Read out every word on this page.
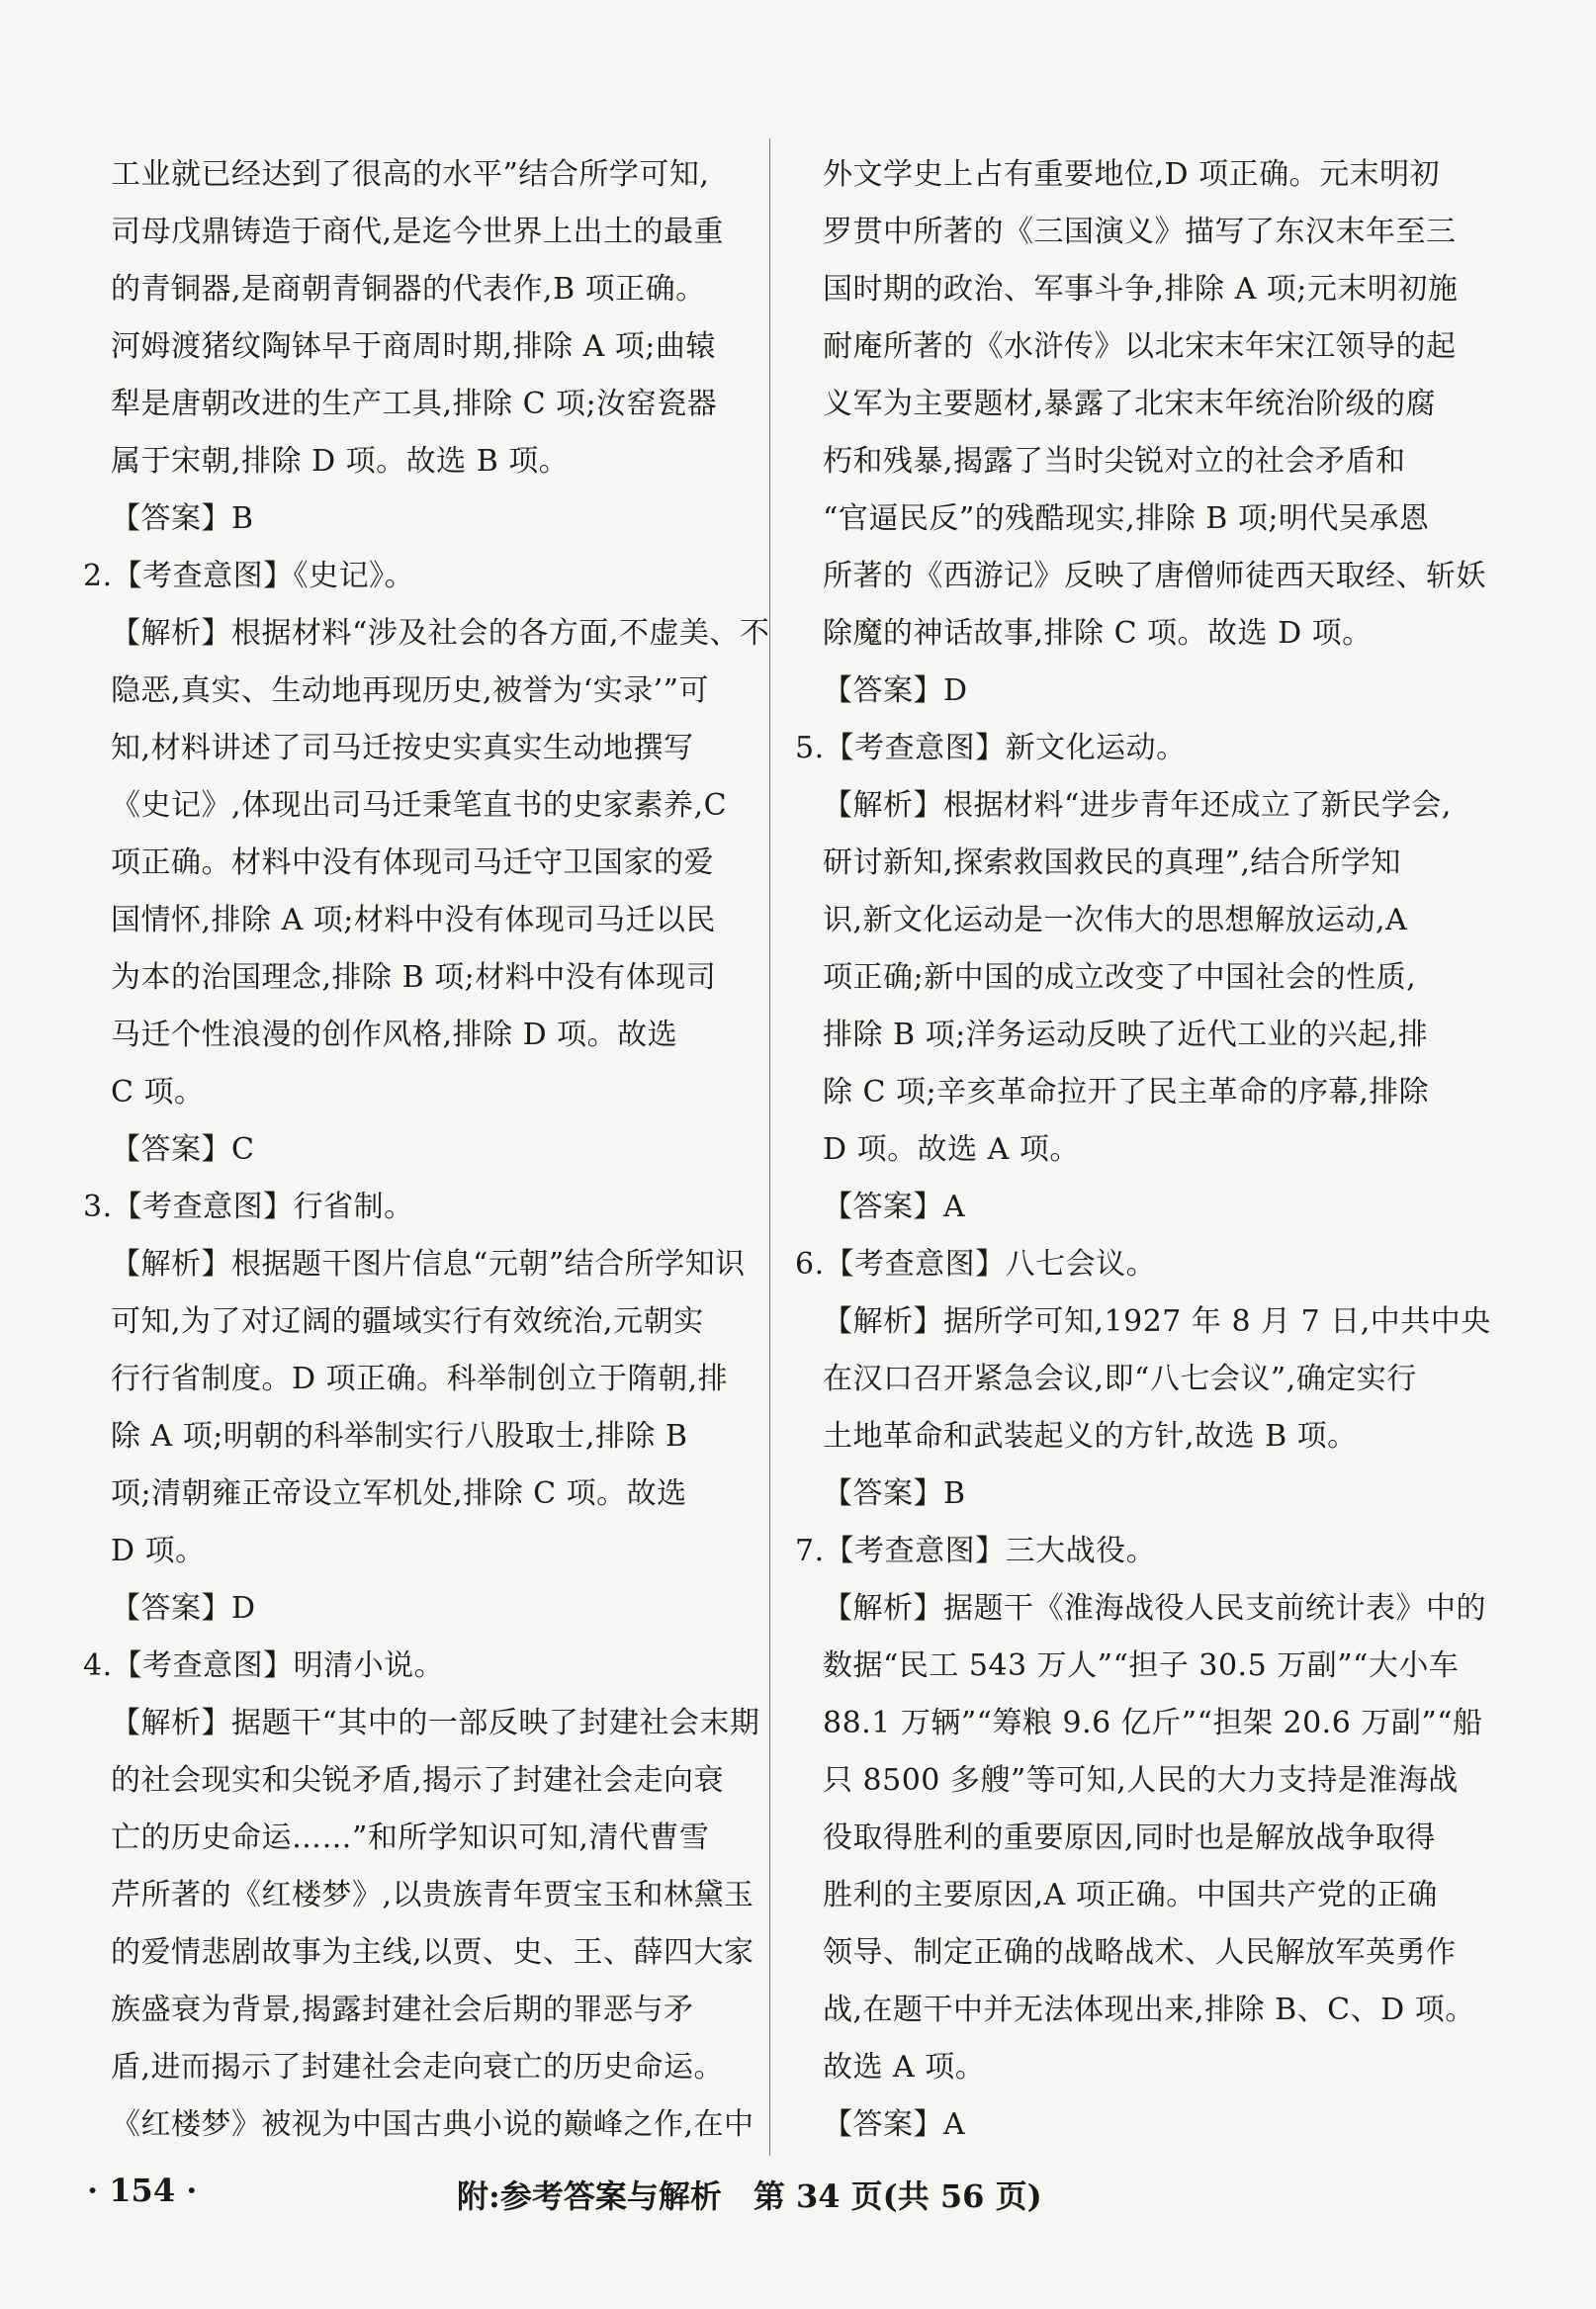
工业就已经达到了很高的水平”结合所学可知,
司母戊鼎铸造于商代,是迄今世界上出土的最重
的青铜器,是商朝青铜器的代表作,B 项正确。
河姆渡猪纹陶钵早于商周时期,排除 A 项;曲辕
犁是唐朝改进的生产工具,排除 C 项;汝窑瓷器
属于宋朝,排除 D 项。故选 B 项。
【答案】B
2.【考查意图】《史记》。
【解析】根据材料“涉及社会的各方面,不虚美、不
隐恶,真实、生动地再现历史,被誉为‘实录’”可
知,材料讲述了司马迁按史实真实生动地撰写
《史记》,体现出司马迁秉笔直书的史家素养,C
项正确。材料中没有体现司马迁守卫国家的爱
国情怀,排除 A 项;材料中没有体现司马迁以民
为本的治国理念,排除 B 项;材料中没有体现司
马迁个性浪漫的创作风格,排除 D 项。故选
C 项。
【答案】C
3.【考查意图】行省制。
【解析】根据题干图片信息“元朝”结合所学知识
可知,为了对辽阔的疆域实行有效统治,元朝实
行行省制度。D 项正确。科举制创立于隋朝,排
除 A 项;明朝的科举制实行八股取士,排除 B
项;清朝雍正帝设立军机处,排除 C 项。故选
D 项。
【答案】D
4.【考查意图】明清小说。
【解析】据题干“其中的一部反映了封建社会末期
的社会现实和尖锐矛盾,揭示了封建社会走向衰
亡的历史命运……”和所学知识可知,清代曹雪
芹所著的《红楼梦》,以贵族青年贾宝玉和林黛玉
的爱情悲剧故事为主线,以贾、史、王、薛四大家
族盛衰为背景,揭露封建社会后期的罪恶与矛
盾,进而揭示了封建社会走向衰亡的历史命运。
《红楼梦》被视为中国古典小说的巅峰之作,在中
外文学史上占有重要地位,D 项正确。元末明初
罗贯中所著的《三国演义》描写了东汉末年至三
国时期的政治、军事斗争,排除 A 项;元末明初施
耐庵所著的《水浒传》以北宋末年宋江领导的起
义军为主要题材,暴露了北宋末年统治阶级的腐
朽和残暴,揭露了当时尖锐对立的社会矛盾和
“官逼民反”的残酷现实,排除 B 项;明代吴承恩
所著的《西游记》反映了唐僧师徒西天取经、斩妖
除魔的神话故事,排除 C 项。故选 D 项。
【答案】D
5.【考查意图】新文化运动。
【解析】根据材料“进步青年还成立了新民学会,
研讨新知,探索救国救民的真理”,结合所学知
识,新文化运动是一次伟大的思想解放运动,A
项正确;新中国的成立改变了中国社会的性质,
排除 B 项;洋务运动反映了近代工业的兴起,排
除 C 项;辛亥革命拉开了民主革命的序幕,排除
D 项。故选 A 项。
【答案】A
6.【考查意图】八七会议。
【解析】据所学可知,1927 年 8 月 7 日,中共中央
在汉口召开紧急会议,即“八七会议”,确定实行
土地革命和武装起义的方针,故选 B 项。
【答案】B
7.【考查意图】三大战役。
【解析】据题干《淮海战役人民支前统计表》中的
数据“民工 543 万人”“担子 30.5 万副”“大小车
88.1 万辆”“筹粮 9.6 亿斤”“担架 20.6 万副”“船
只 8500 多艘”等可知,人民的大力支持是淮海战
役取得胜利的重要原因,同时也是解放战争取得
胜利的主要原因,A 项正确。中国共产党的正确
领导、制定正确的战略战术、人民解放军英勇作
战,在题干中并无法体现出来,排除 B、C、D 项。
故选 A 项。
【答案】A
· 154 ·	附:参考答案与解析　第 34 页(共 56 页)
